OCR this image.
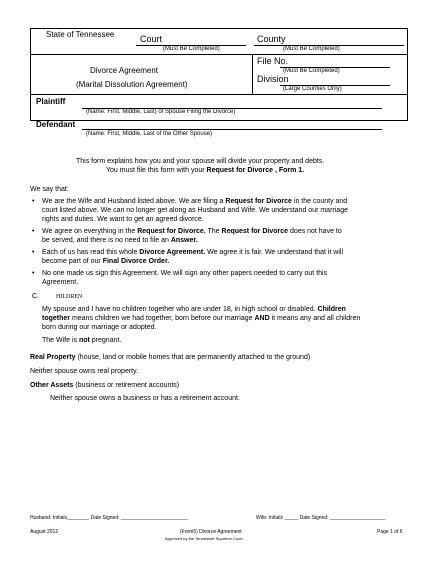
State of Tennessee	Court
(Must Be Completed)
County
(Must Be Completed)
Divorce Agreement
(Marital Dissolution Agreement)
File No.
(Must Be Completed)
Division
(Large Counties Only)
Plaintiff
(Name: First, Middle, Last) of Spouse Filing the Divorce)
Defendant
(Name: First, Middle, Last of the Other Spouse)
This form explains how you and your spouse will divide your property and debts.
You must file this form with your Request for Divorce , Form 1.
We say that:
• We are the Wife and Husband listed above. We are filing a Request for Divorce in the county and
court listed above. We can no longer get along as Husband and Wife. We understand our marriage
rights and duties. We want to get an agreed divorce.
• We agree on everything in the Request for Divorce. The Request for Divorce does not have to
be served, and there is no need to file an Answer.
• Each of us has read this whole Divorce Agreement. We agree it is fair. We understand that it will
become part of our Final Divorce Order.
• No one made us sign this Agreement. We will sign any other papers needed to carry out this
Agreement.
C.	HILDREN
My spouse and I have no children together who are under 18, in high school or disabled. Children
together means children we had together, born before our marriage AND it means any and all children
born during our marriage or adopted.
The Wife is not pregnant.
Real Property (house, land or mobile homes that are permanently attached to the ground)
Neither spouse owns real property.
Other Assets (business or retirement accounts)
Neither spouse owns a business or has a retirement account.
Husband: Initials________ Date Signed: ________________________	Wife: Initials _____ Date Signed: ____________________
August 2012	(Form5) Divorce Agreement
Approved by the Tennessee Supreme Court
Page 1 of 6
